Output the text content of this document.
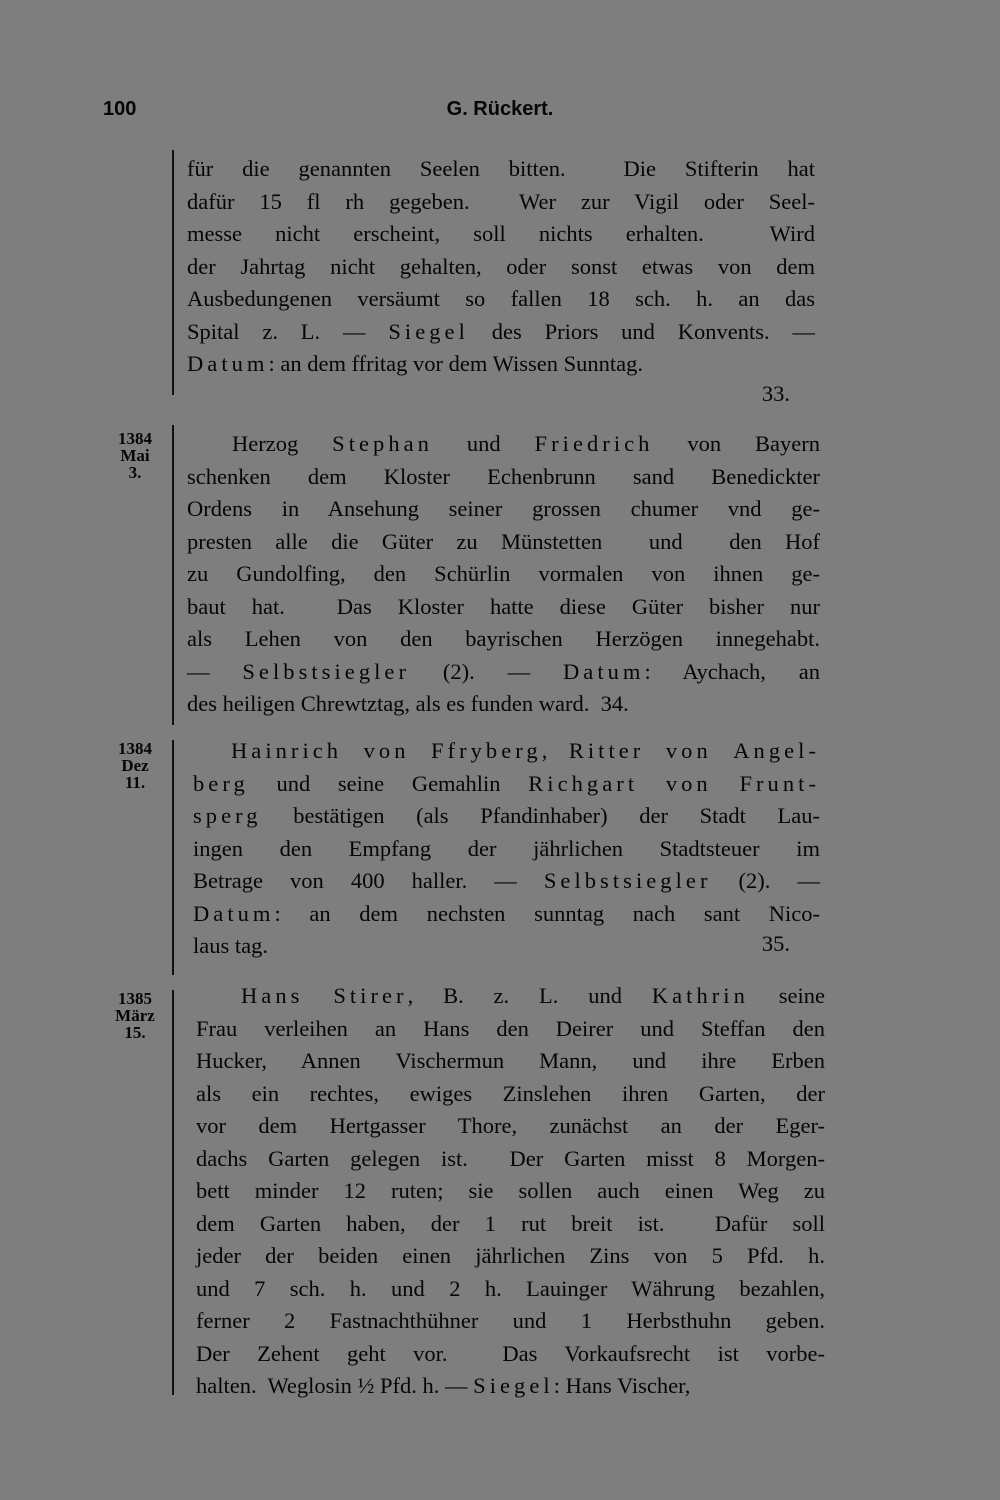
100	G. Rückert.
für die genannten Seelen bitten.  Die Stifterin hat
dafür 15 fl rh gegeben.  Wer zur Vigil oder Seel-
messe nicht erscheint, soll nichts erhalten.  Wird
der Jahrtag nicht gehalten, oder sonst etwas von dem
Ausbedungenen versäumt so fallen 18 sch. h. an das
Spital z. L. — Siegel des Priors und Konvents. —
Datum: an dem ffritag vor dem Wissen Sunntag.
33.
1384
Mai
3.
Herzog Stephan und Friedrich von Bayern
schenken dem Kloster Echenbrunn sand Benedickter
Ordens in Ansehung seiner grossen chumer vnd ge-
presten alle die Güter zu Münstetten  und  den Hof
zu Gundolfing, den Schürlin vormalen von ihnen ge-
baut hat.  Das Kloster hatte diese Güter bisher nur
als Lehen von den bayrischen Herzögen innegehabt.
— Selbstsiegler (2). — Datum: Aychach, an
des heiligen Chrewtztag, als es funden ward.  34.
1384
Dez
11.
Hainrich von Ffryberg, Ritter von Angel-
berg und seine Gemahlin Richgart von Frunt-
sperg bestätigen (als Pfandinhaber) der Stadt Lau-
ingen den Empfang der jährlichen Stadtsteuer im
Betrage von 400 haller. — Selbstsiegler (2). —
Datum: an dem nechsten sunntag nach sant Nico-
laus tag.	35.
1385
März
15.
Hans Stirer, B. z. L. und Kathrin seine
Frau verleihen an Hans den Deirer und Steffan den
Hucker, Annen Vischermun Mann, und ihre Erben
als ein rechtes, ewiges Zinslehen ihren Garten, der
vor dem Hertgasser Thore, zunächst an der Eger-
dachs Garten gelegen ist.  Der Garten misst 8 Morgen-
bett minder 12 ruten; sie sollen auch einen Weg zu
dem Garten haben, der 1 rut breit ist.  Dafür soll
jeder der beiden einen jährlichen Zins von 5 Pfd. h.
und 7 sch. h. und 2 h. Lauinger Währung bezahlen,
ferner 2 Fastnachthühner und 1 Herbsthuhn geben.
Der Zehent geht vor.  Das Vorkaufsrecht ist vorbe-
halten.  Weglosin ½ Pfd. h. — Siegel: Hans Vischer,
